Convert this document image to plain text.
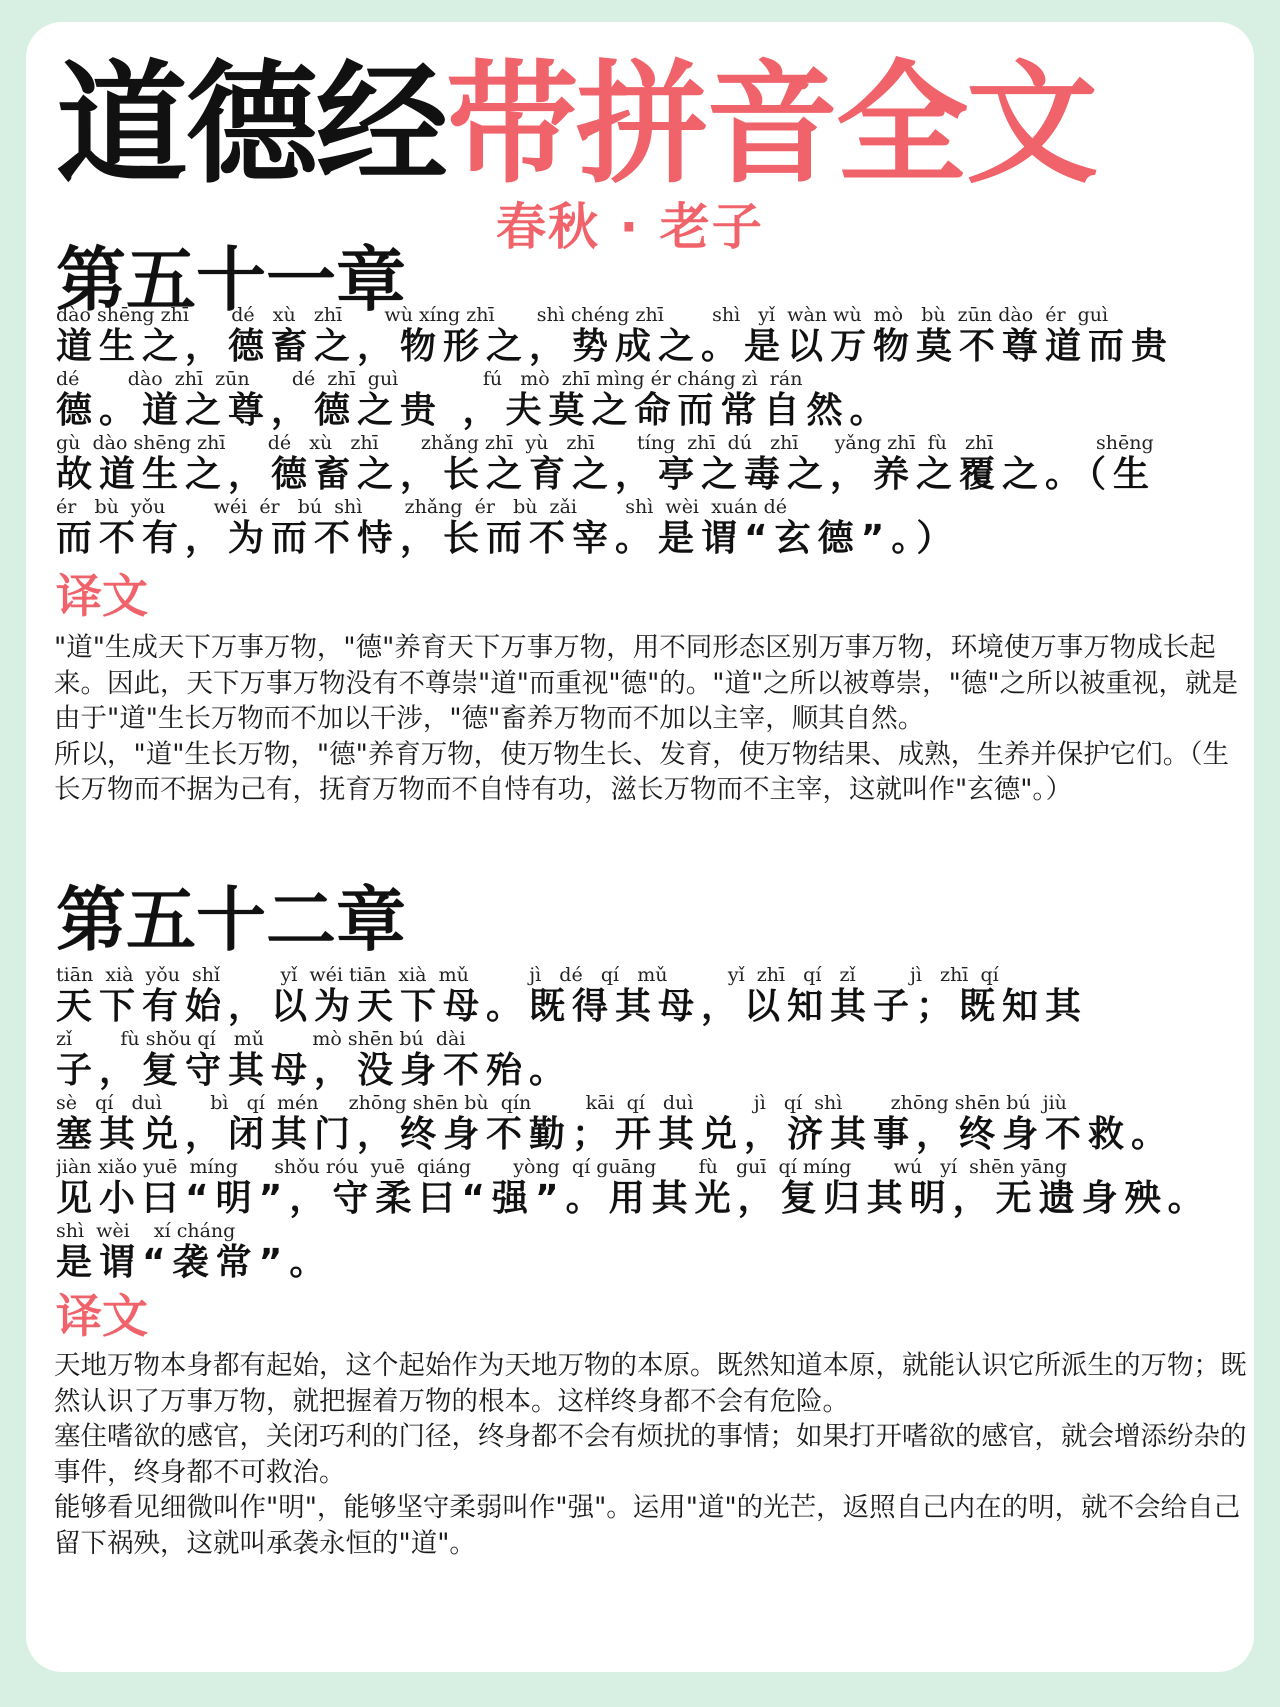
道德经带拼音全文
春秋 · 老子
第五十一章
dào shēng zhī       dé   xù   zhī       wù xíng zhī       shì chéng zhī        shì   yǐ  wàn wù  mò   bù  zūn dào  ér  guì
道生之，德畜之，物形之，势成之。是以万物莫不尊道而贵
dé        dào  zhī  zūn       dé  zhī  guì              fú   mò  zhī mìng ér cháng zì  rán
德。道之尊，德之贵 ，夫莫之命而常自然。
gù  dào shēng zhī       dé   xù   zhī       zhǎng zhī  yù   zhī       tíng  zhī  dú   zhī      yǎng zhī  fù   zhī                 shēng
故道生之，德畜之，长之育之，亭之毒之，养之覆之。（生
ér   bù  yǒu        wéi  ér   bú  shì       zhǎng  ér   bù  zǎi        shì  wèi  xuán dé
而不有，为而不恃，长而不宰。是谓“玄德”。）
译文

"道"生成天下万事万物，"德"养育天下万事万物，用不同形态区别万事万物，环境使万事万物成长起来。因此，天下万事万物没有不尊崇"道"而重视"德"的。"道"之所以被尊崇，"德"之所以被重视，就是由于"道"生长万物而不加以干涉，"德"畜养万物而不加以主宰，顺其自然。

所以，"道"生长万物，"德"养育万物，使万物生长、发育，使万物结果、成熟，生养并保护它们。（生长万物而不据为己有，抚育万物而不自恃有功，滋长万物而不主宰，这就叫作"玄德"。）

第五十二章
tiān  xià  yǒu  shǐ          yǐ  wéi tiān  xià  mǔ          jì   dé   qí   mǔ          yǐ  zhī   qí   zǐ         jì   zhī  qí
天下有始，以为天下母。既得其母，以知其子；既知其
zǐ        fù shǒu qí   mǔ        mò shēn bú  dài
子，复守其母，没身不殆。
sè   qí   duì        bì   qí  mén     zhōng shēn bù  qín         kāi  qí   duì          jì   qí  shì        zhōng shēn bú  jiù
塞其兑，闭其门，终身不勤；开其兑，济其事，终身不救。
jiàn xiǎo yuē  míng      shǒu róu  yuē  qiáng       yòng  qí guāng       fù   guī  qí míng       wú   yí  shēn yāng
见小曰“明”，守柔曰“强”。用其光，复归其明，无遗身殃。
shì  wèi    xí cháng
是谓“袭常”。
译文

天地万物本身都有起始，这个起始作为天地万物的本原。既然知道本原，就能认识它所派生的万物；既然认识了万事万物，就把握着万物的根本。这样终身都不会有危险。

塞住嗜欲的感官，关闭巧利的门径，终身都不会有烦扰的事情；如果打开嗜欲的感官，就会增添纷杂的事件，终身都不可救治。

能够看见细微叫作"明"，能够坚守柔弱叫作"强"。运用"道"的光芒，返照自己内在的明，就不会给自己留下祸殃，这就叫承袭永恒的"道"。
